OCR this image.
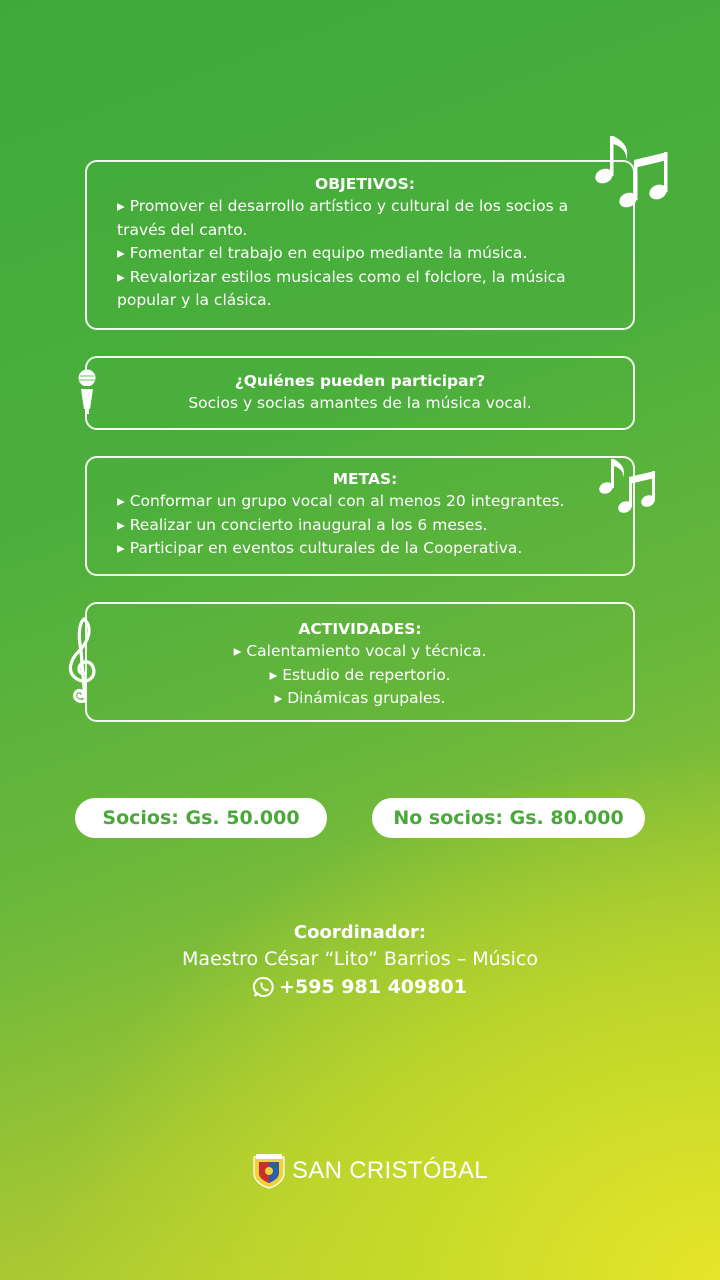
OBJETIVOS:
▸ Promover el desarrollo artístico y cultural de los socios a
través del canto.
▸ Fomentar el trabajo en equipo mediante la música.
▸ Revalorizar estilos musicales como el folclore, la música
popular y la clásica.
¿Quiénes pueden participar?
Socios y socias amantes de la música vocal.
METAS:
▸ Conformar un grupo vocal con al menos 20 integrantes.
▸ Realizar un concierto inaugural a los 6 meses.
▸ Participar en eventos culturales de la Cooperativa.
ACTIVIDADES:
▸ Calentamiento vocal y técnica.
▸ Estudio de repertorio.
▸ Dinámicas grupales.
Socios: Gs. 50.000	No socios: Gs. 80.000
Coordinador:
Maestro César “Lito” Barrios – Músico
+595 981 409801
SAN CRISTÓBAL
